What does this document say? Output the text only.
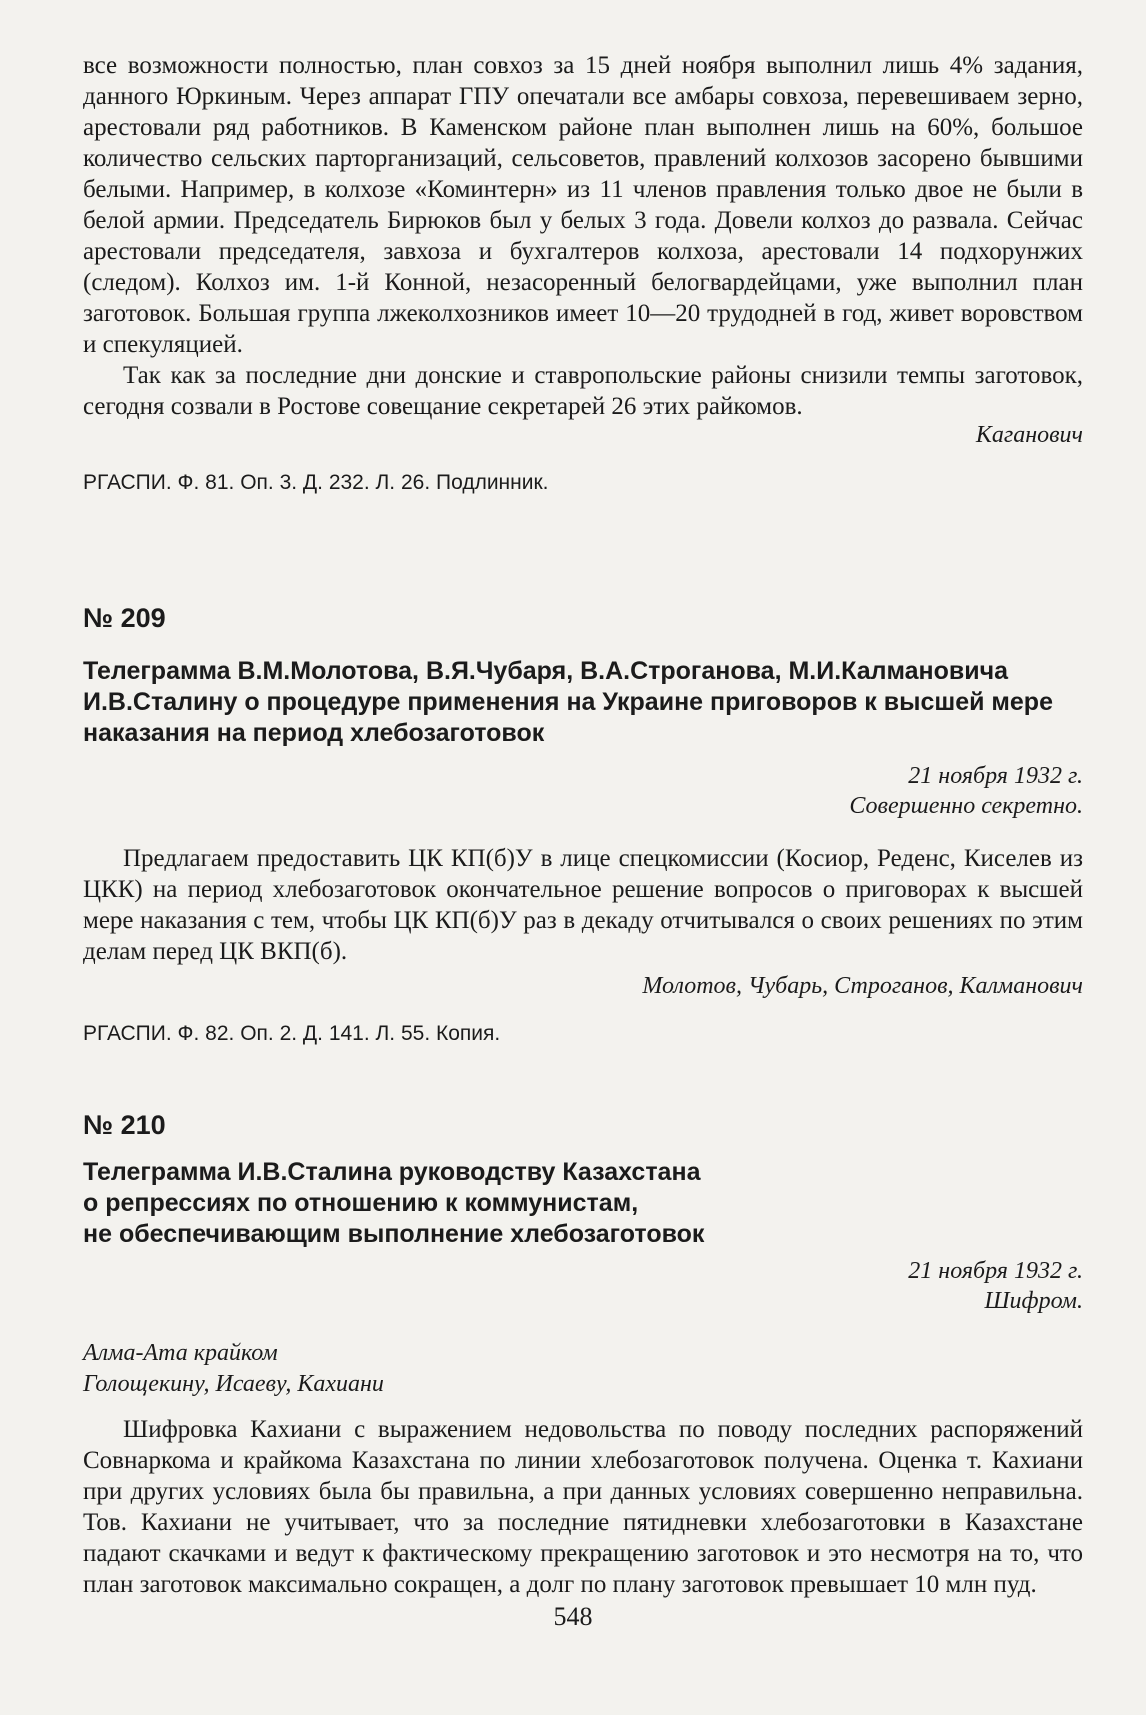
все возможности полностью, план совхоз за 15 дней ноября выполнил лишь 4% задания, данного Юркиным. Через аппарат ГПУ опечатали все амбары совхоза, перевешиваем зерно, арестовали ряд работников. В Каменском районе план выполнен лишь на 60%, большое количество сельских парторганизаций, сельсоветов, правлений колхозов засорено бывшими белыми. Например, в колхозе «Коминтерн» из 11 членов правления только двое не были в белой армии. Председатель Бирюков был у белых 3 года. Довели колхоз до развала. Сейчас арестовали председателя, завхоза и бухгалтеров колхоза, арестовали 14 подхорунжих (следом). Колхоз им. 1-й Конной, незасоренный белогвардейцами, уже выполнил план заготовок. Большая группа лжеколхозников имеет 10—20 трудодней в год, живет воровством и спекуляцией.

Так как за последние дни донские и ставропольские районы снизили темпы заготовок, сегодня созвали в Ростове совещание секретарей 26 этих райкомов.

Каганович

РГАСПИ. Ф. 81. Оп. 3. Д. 232. Л. 26. Подлинник.

№ 209

Телеграмма В.М.Молотова, В.Я.Чубаря, В.А.Строганова, М.И.Калмановича И.В.Сталину о процедуре применения на Украине приговоров к высшей мере наказания на период хлебозаготовок

21 ноября 1932 г.

Совершенно секретно.

Предлагаем предоставить ЦК КП(б)У в лице спецкомиссии (Косиор, Реденс, Киселев из ЦКК) на период хлебозаготовок окончательное решение вопросов о приговорах к высшей мере наказания с тем, чтобы ЦК КП(б)У раз в декаду отчитывался о своих решениях по этим делам перед ЦК ВКП(б).

Молотов, Чубарь, Строганов, Калманович

РГАСПИ. Ф. 82. Оп. 2. Д. 141. Л. 55. Копия.

№ 210

Телеграмма И.В.Сталина руководству Казахстана

о репрессиях по отношению к коммунистам,

не обеспечивающим выполнение хлебозаготовок

21 ноября 1932 г.

Шифром.

Алма-Ата крайком

Голощекину, Исаеву, Кахиани

Шифровка Кахиани с выражением недовольства по поводу последних распоряжений Совнаркома и крайкома Казахстана по линии хлебозаготовок получена. Оценка т. Кахиани при других условиях была бы правильна, а при данных условиях совершенно неправильна. Тов. Кахиани не учитывает, что за последние пятидневки хлебозаготовки в Казахстане падают скачками и ведут к фактическому прекращению заготовок и это несмотря на то, что план заготовок максимально сокращен, а долг по плану заготовок превышает 10 млн пуд.

548
